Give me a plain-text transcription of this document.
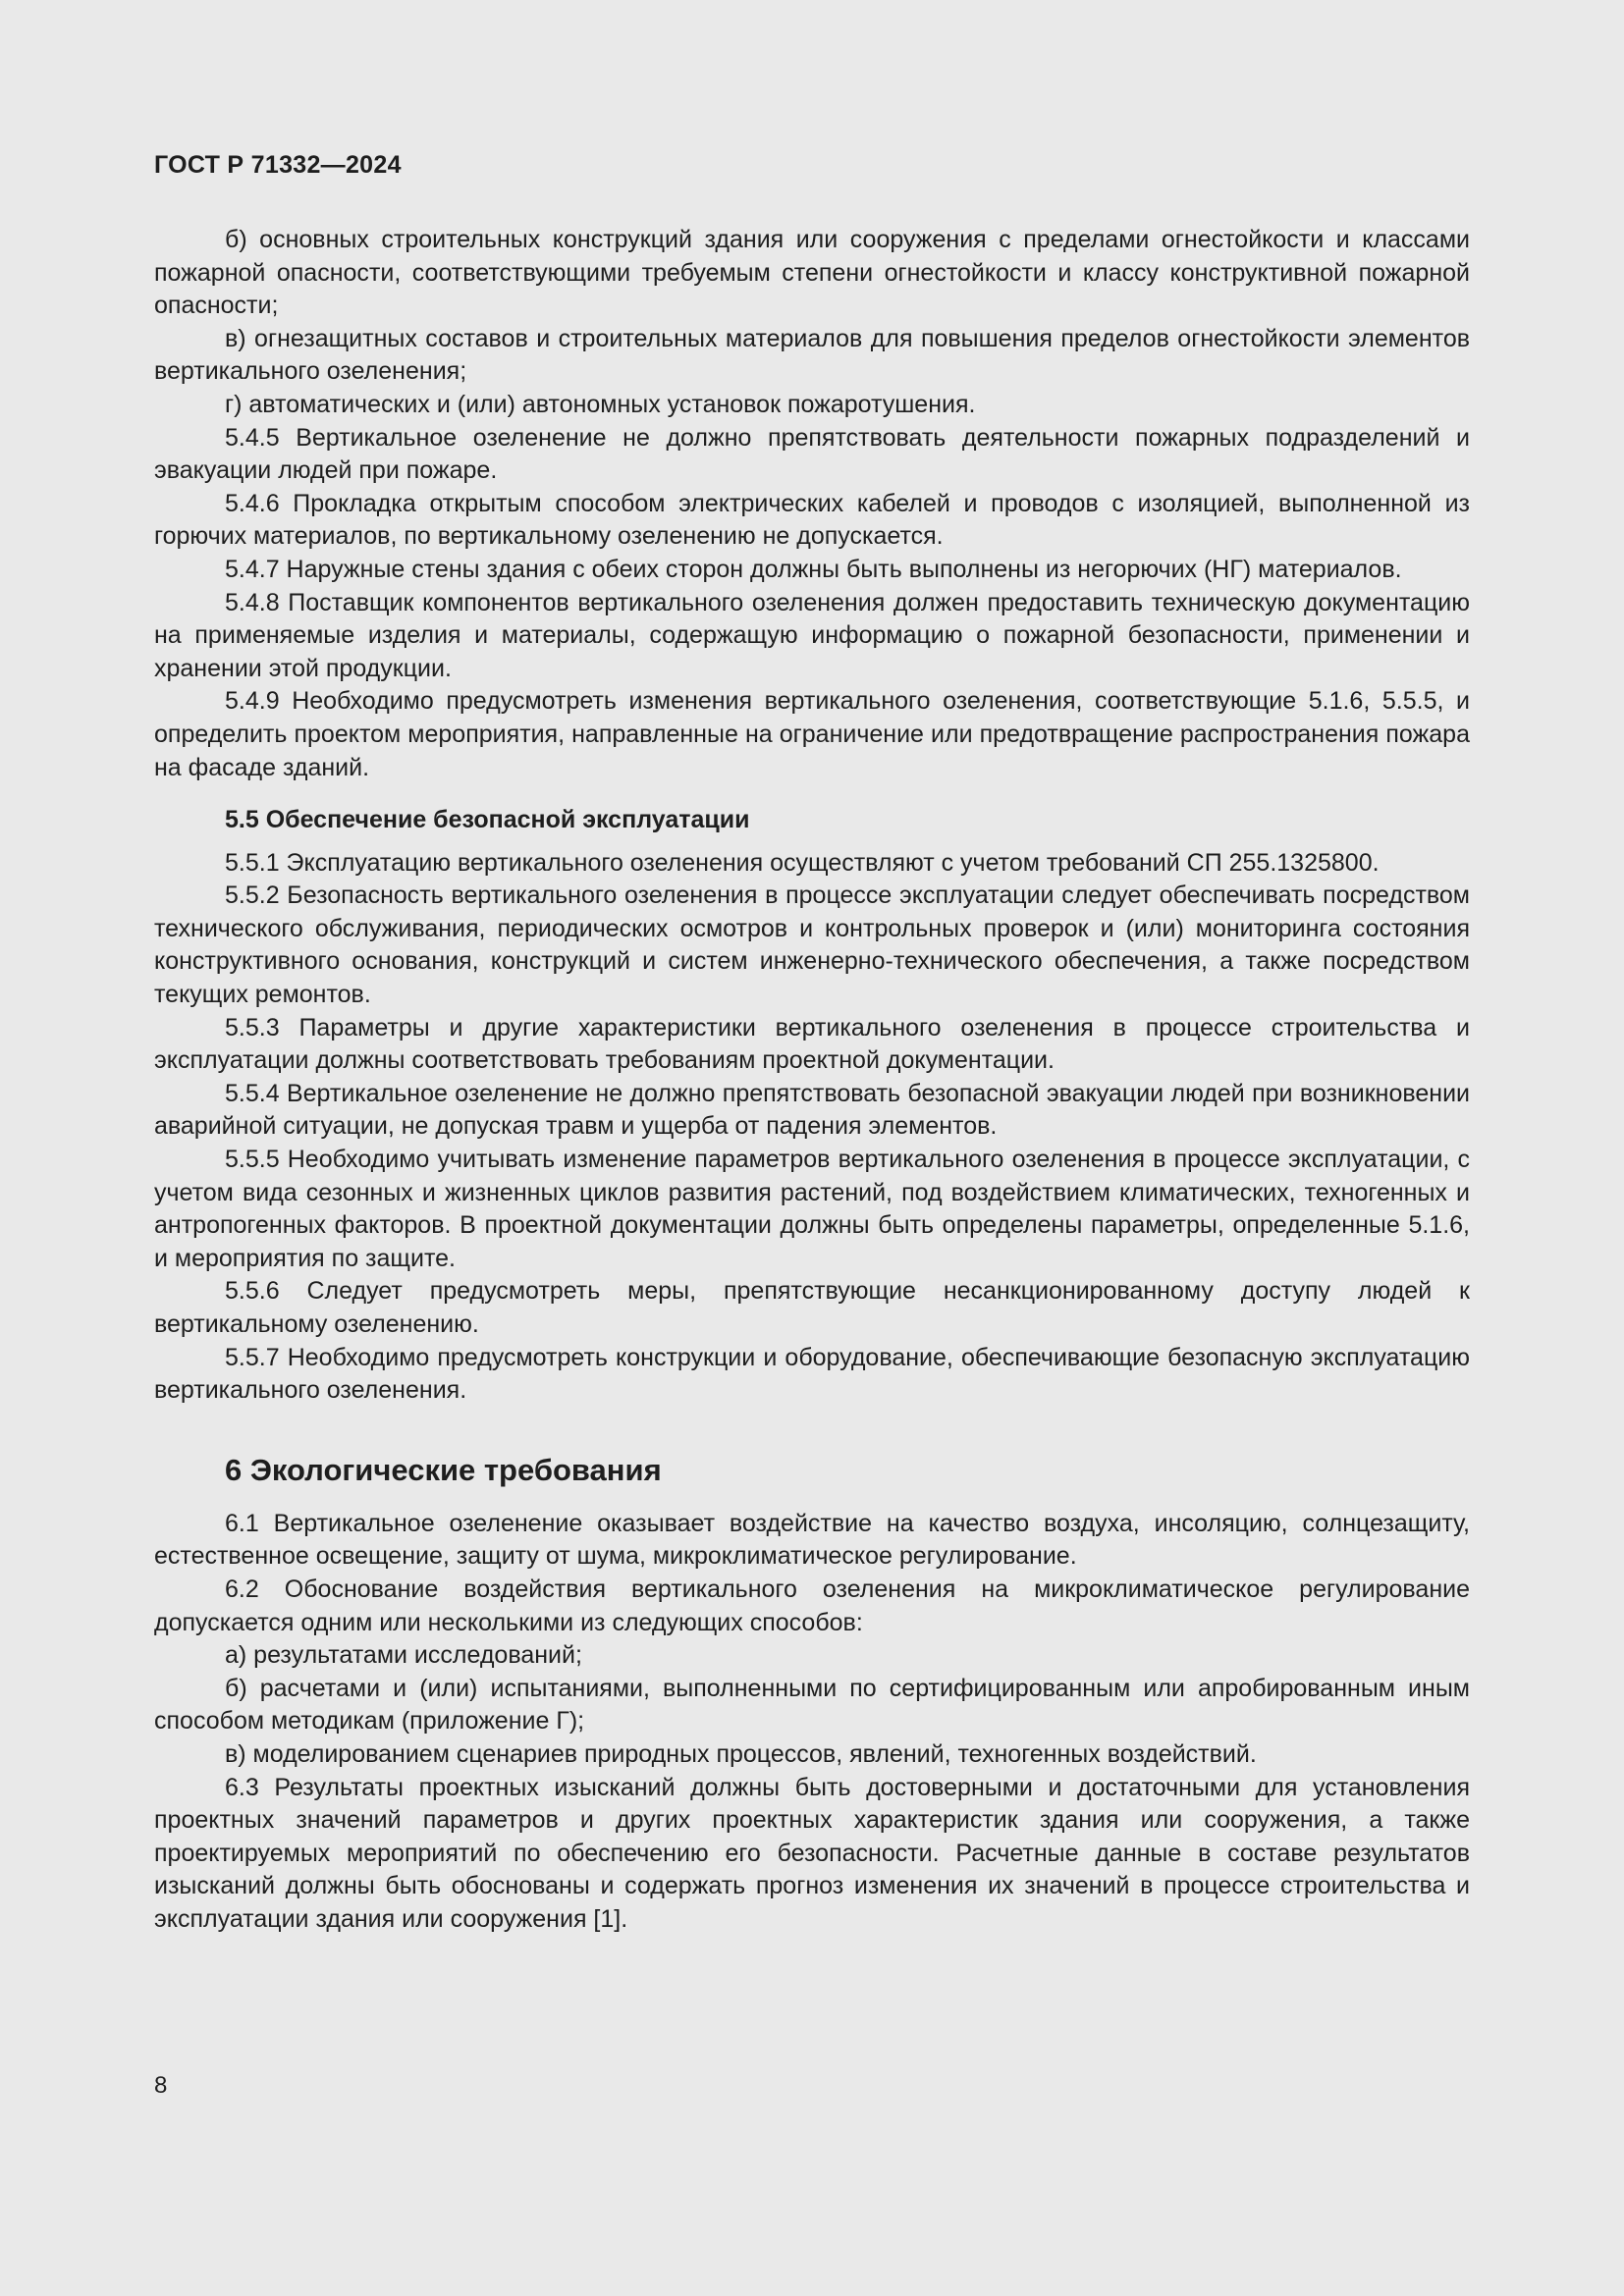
ГОСТ Р 71332—2024

б) основных строительных конструкций здания или сооружения с пределами огнестойкости и классами пожарной опасности, соответствующими требуемым степени огнестойкости и классу конструктивной пожарной опасности;

в) огнезащитных составов и строительных материалов для повышения пределов огнестойкости элементов вертикального озеленения;

г) автоматических и (или) автономных установок пожаротушения.

5.4.5 Вертикальное озеленение не должно препятствовать деятельности пожарных подразделений и эвакуации людей при пожаре.

5.4.6 Прокладка открытым способом электрических кабелей и проводов с изоляцией, выполненной из горючих материалов, по вертикальному озеленению не допускается.

5.4.7 Наружные стены здания с обеих сторон должны быть выполнены из негорючих (НГ) материалов.

5.4.8 Поставщик компонентов вертикального озеленения должен предоставить техническую документацию на применяемые изделия и материалы, содержащую информацию о пожарной безопасности, применении и хранении этой продукции.

5.4.9 Необходимо предусмотреть изменения вертикального озеленения, соответствующие 5.1.6, 5.5.5, и определить проектом мероприятия, направленные на ограничение или предотвращение распространения пожара на фасаде зданий.

5.5 Обеспечение безопасной эксплуатации

5.5.1 Эксплуатацию вертикального озеленения осуществляют с учетом требований СП 255.1325800.

5.5.2 Безопасность вертикального озеленения в процессе эксплуатации следует обеспечивать посредством технического обслуживания, периодических осмотров и контрольных проверок и (или) мониторинга состояния конструктивного основания, конструкций и систем инженерно-технического обеспечения, а также посредством текущих ремонтов.

5.5.3 Параметры и другие характеристики вертикального озеленения в процессе строительства и эксплуатации должны соответствовать требованиям проектной документации.

5.5.4 Вертикальное озеленение не должно препятствовать безопасной эвакуации людей при возникновении аварийной ситуации, не допуская травм и ущерба от падения элементов.

5.5.5 Необходимо учитывать изменение параметров вертикального озеленения в процессе эксплуатации, с учетом вида сезонных и жизненных циклов развития растений, под воздействием климатических, техногенных и антропогенных факторов. В проектной документации должны быть определены параметры, определенные 5.1.6, и мероприятия по защите.

5.5.6 Следует предусмотреть меры, препятствующие несанкционированному доступу людей к вертикальному озеленению.

5.5.7 Необходимо предусмотреть конструкции и оборудование, обеспечивающие безопасную эксплуатацию вертикального озеленения.

6 Экологические требования

6.1 Вертикальное озеленение оказывает воздействие на качество воздуха, инсоляцию, солнцезащиту, естественное освещение, защиту от шума, микроклиматическое регулирование.

6.2 Обоснование воздействия вертикального озеленения на микроклиматическое регулирование допускается одним или несколькими из следующих способов:

а) результатами исследований;

б) расчетами и (или) испытаниями, выполненными по сертифицированным или апробированным иным способом методикам (приложение Г);

в) моделированием сценариев природных процессов, явлений, техногенных воздействий.

6.3 Результаты проектных изысканий должны быть достоверными и достаточными для установления проектных значений параметров и других проектных характеристик здания или сооружения, а также проектируемых мероприятий по обеспечению его безопасности. Расчетные данные в составе результатов изысканий должны быть обоснованы и содержать прогноз изменения их значений в процессе строительства и эксплуатации здания или сооружения [1].

8
